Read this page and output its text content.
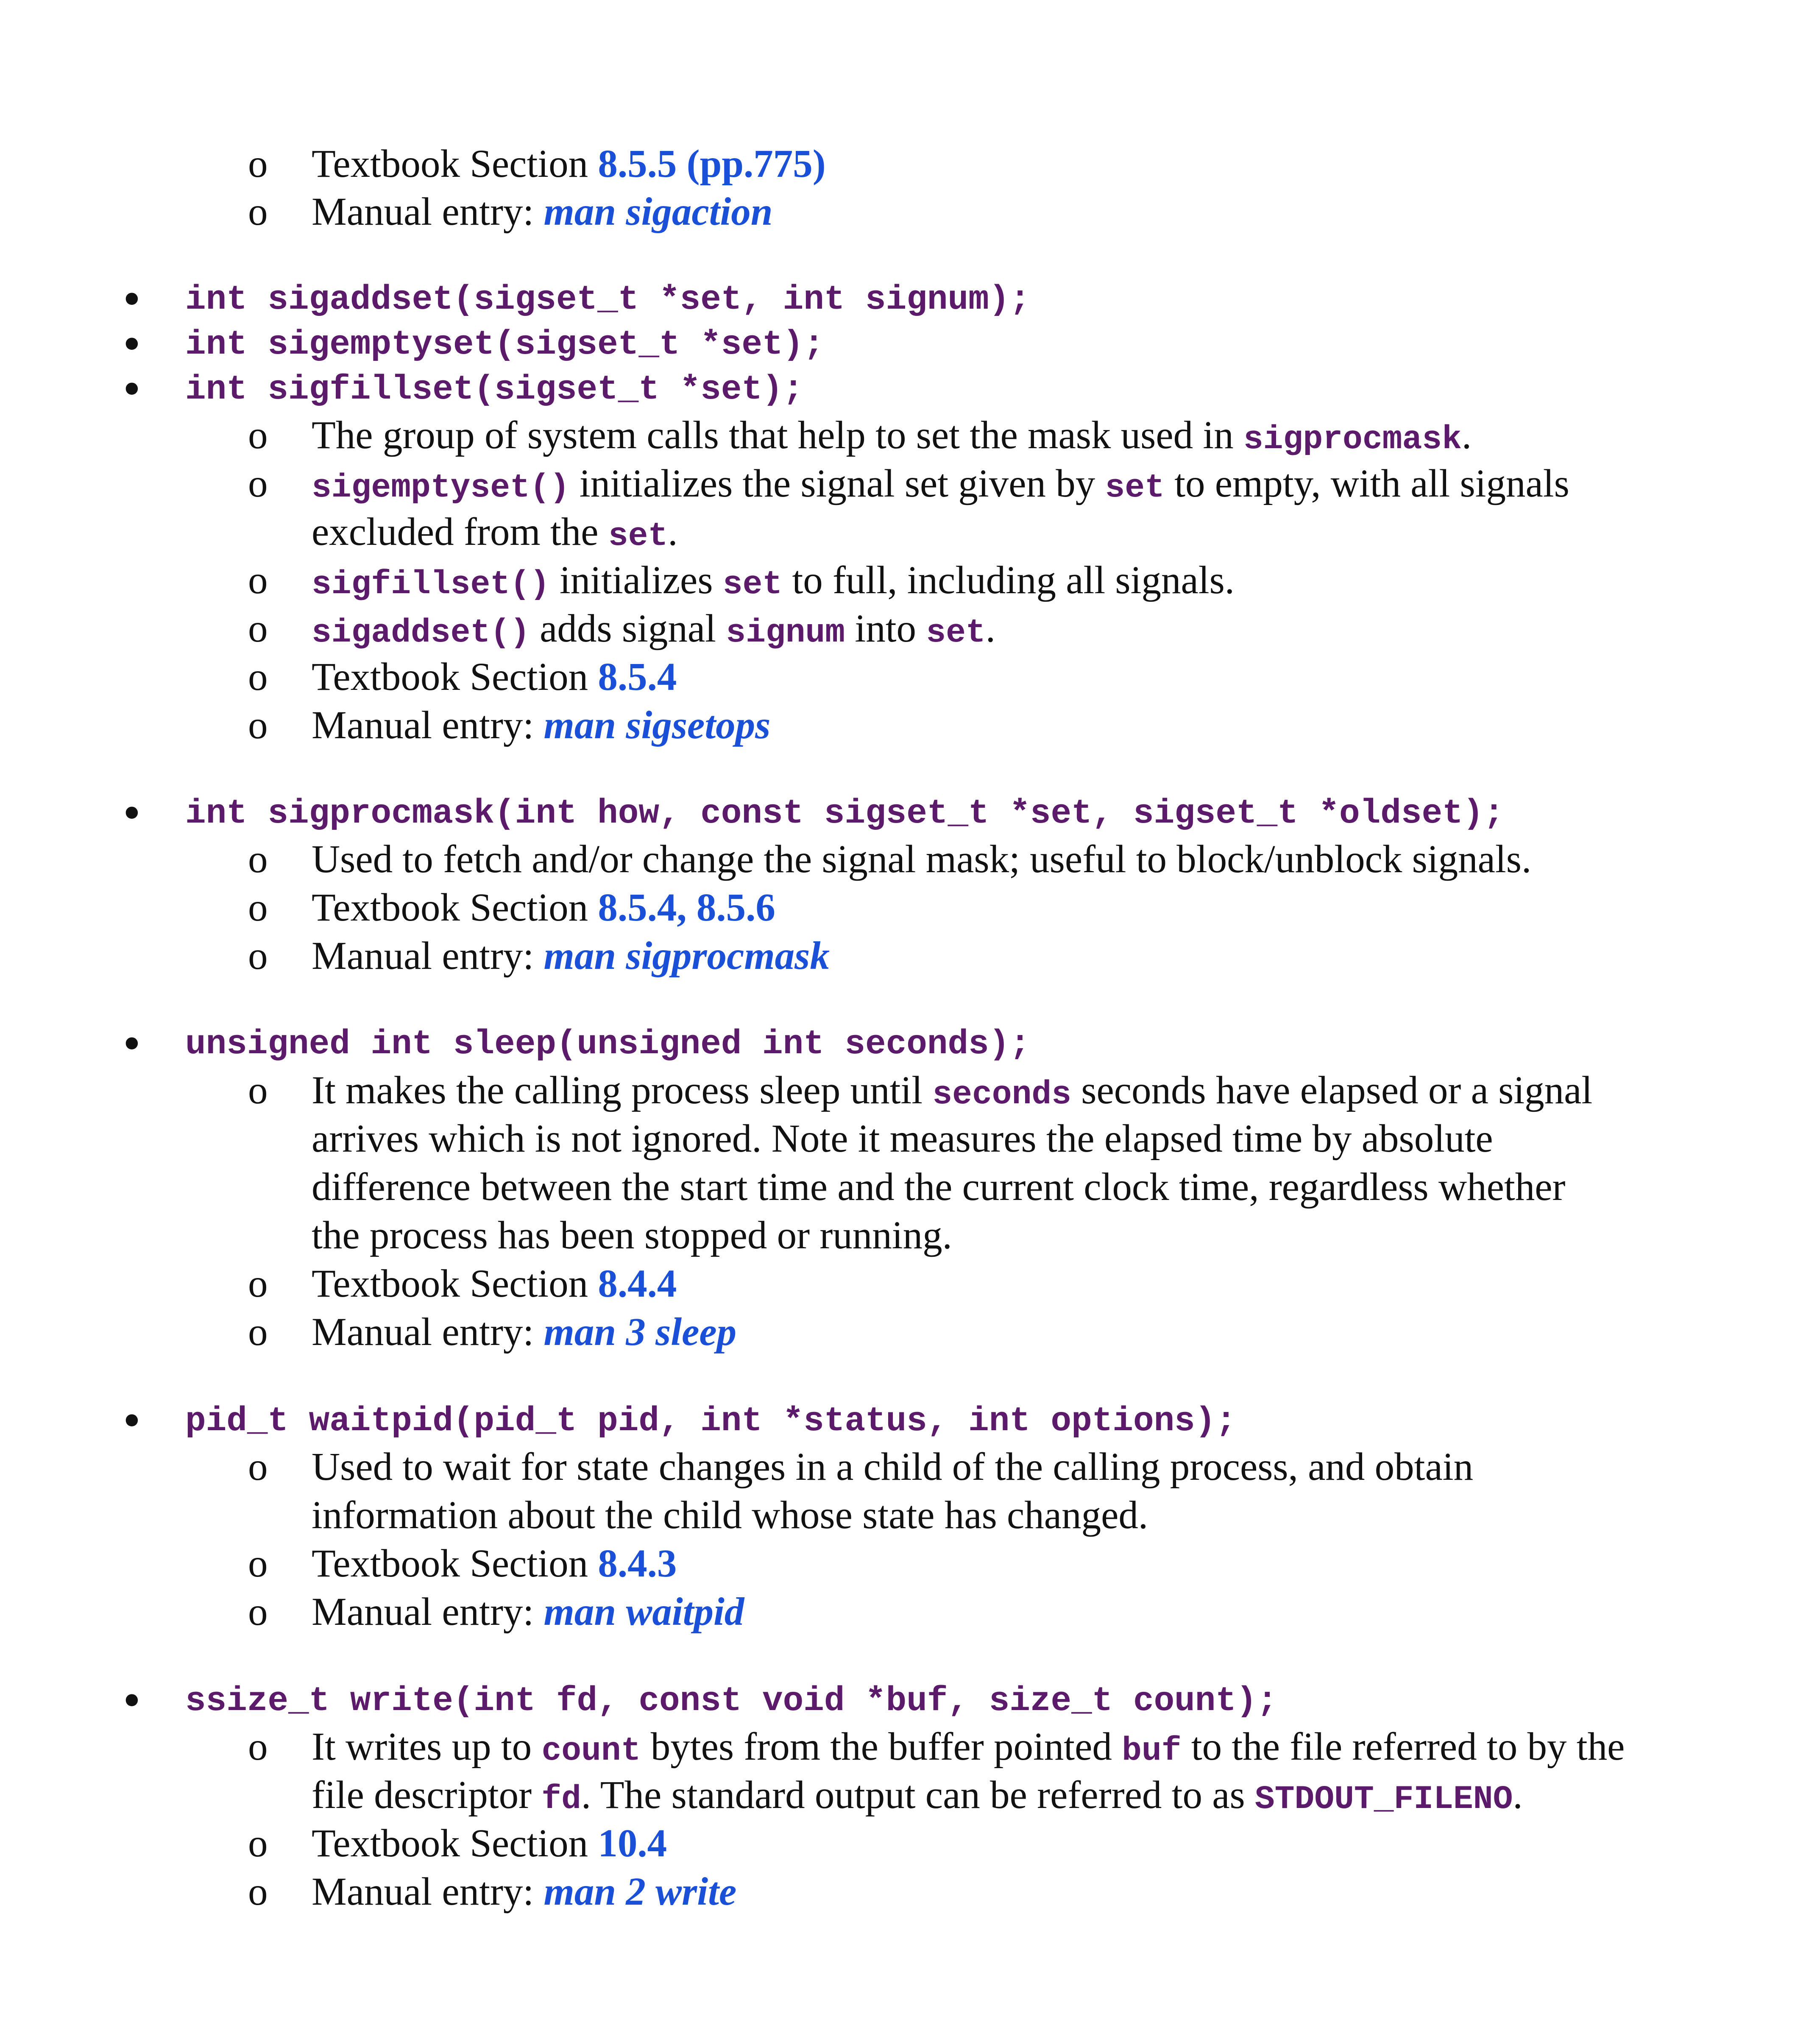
o Textbook Section 8.5.5 (pp.775)
o Manual entry: man sigaction
• int sigaddset(sigset_t *set, int signum);
• int sigemptyset(sigset_t *set);
• int sigfillset(sigset_t *set);
o The group of system calls that help to set the mask used in sigprocmask.
o sigemptyset() initializes the signal set given by set to empty, with all signals
excluded from the set.
o sigfillset() initializes set to full, including all signals.
o sigaddset() adds signal signum into set.
o Textbook Section 8.5.4
o Manual entry: man sigsetops
• int sigprocmask(int how, const sigset_t *set, sigset_t *oldset);
o Used to fetch and/or change the signal mask; useful to block/unblock signals.
o Textbook Section 8.5.4, 8.5.6
o Manual entry: man sigprocmask
• unsigned int sleep(unsigned int seconds);
o It makes the calling process sleep until seconds seconds have elapsed or a signal
arrives which is not ignored. Note it measures the elapsed time by absolute
difference between the start time and the current clock time, regardless whether
the process has been stopped or running.
o Textbook Section 8.4.4
o Manual entry: man 3 sleep
• pid_t waitpid(pid_t pid, int *status, int options);
o Used to wait for state changes in a child of the calling process, and obtain
information about the child whose state has changed.
o Textbook Section 8.4.3
o Manual entry: man waitpid
• ssize_t write(int fd, const void *buf, size_t count);
o It writes up to count bytes from the buffer pointed buf to the file referred to by the
file descriptor fd. The standard output can be referred to as STDOUT_FILENO.
o Textbook Section 10.4
o Manual entry: man 2 write
